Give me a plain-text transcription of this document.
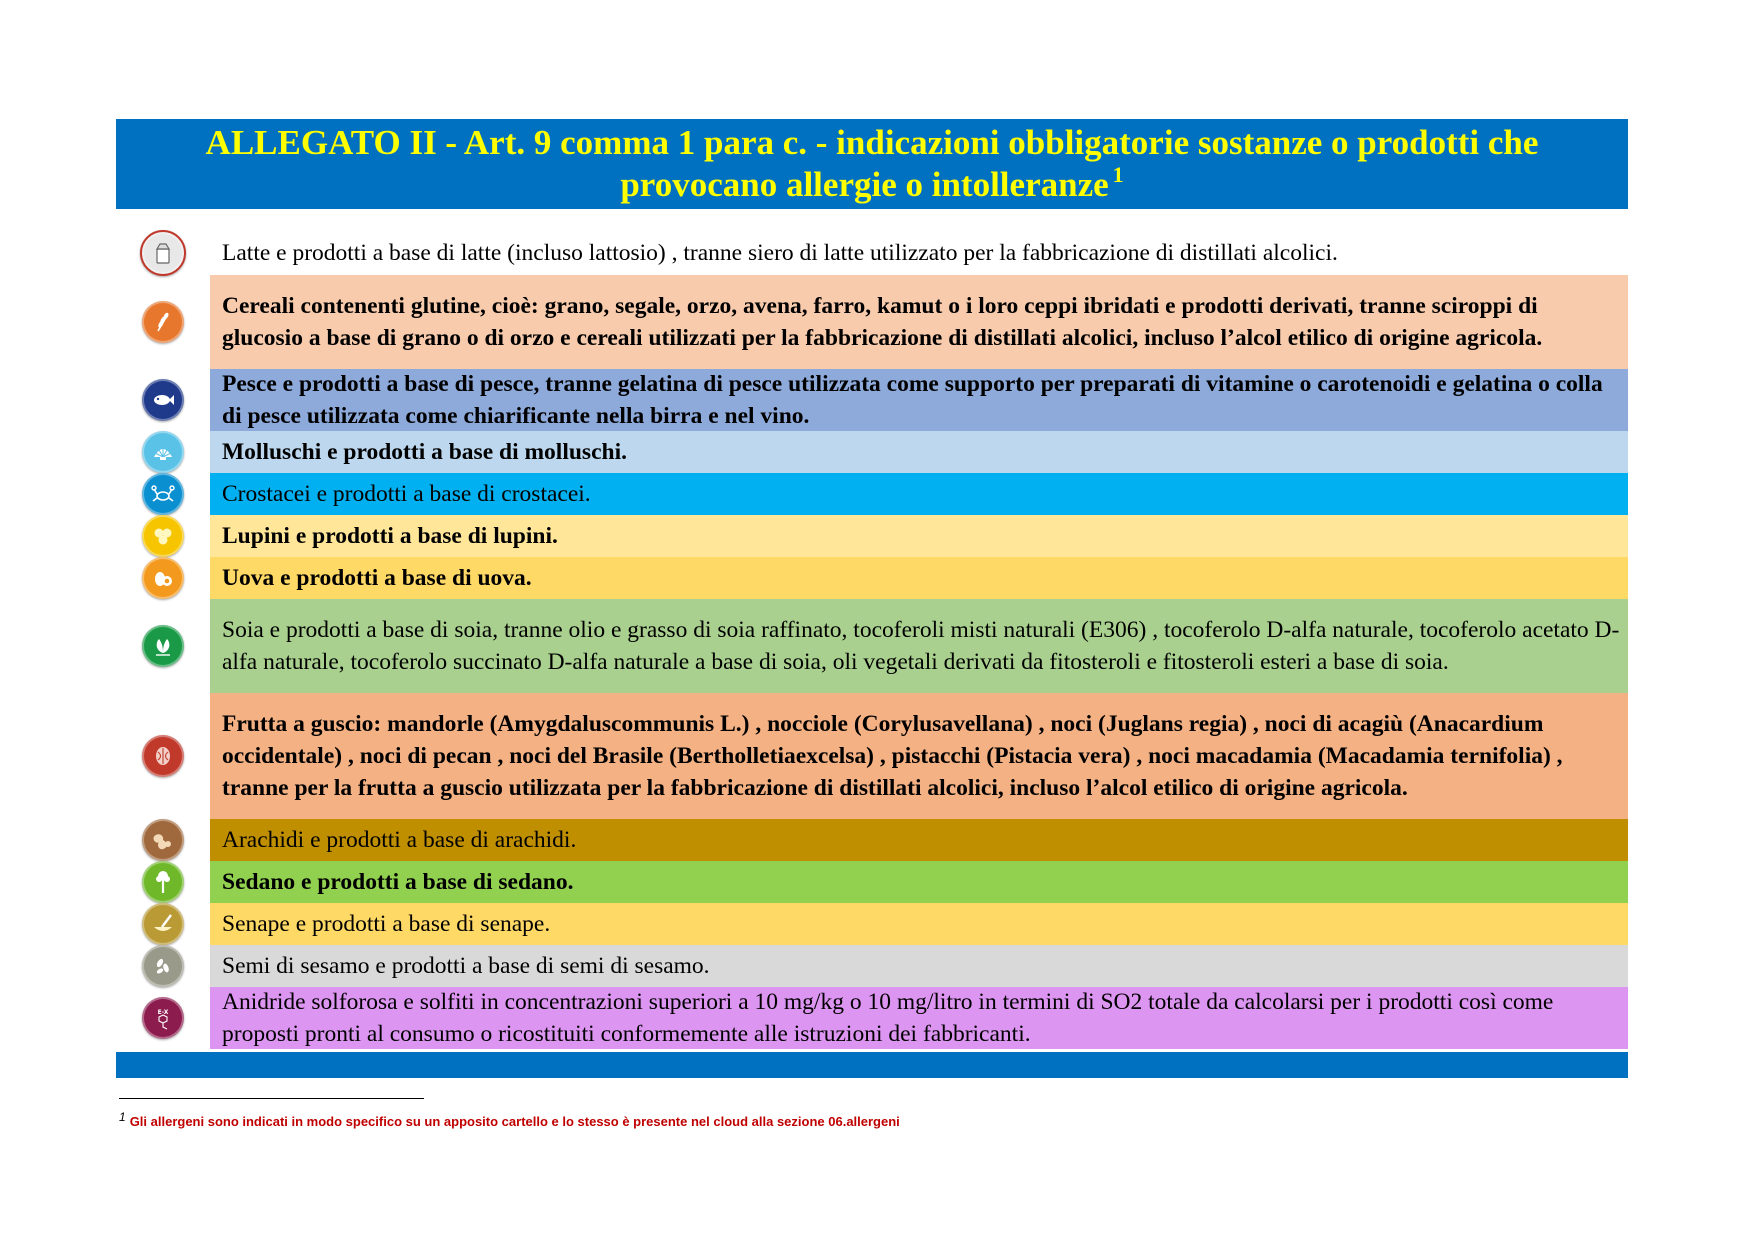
ALLEGATO II - Art. 9 comma 1 para c. - indicazioni obbligatorie sostanze o prodotti che

provocano allergie o intolleranze $^1$

Latte e prodotti a base di latte (incluso lattosio) , tranne siero di latte utilizzato per la fabbricazione di distillati alcolici.
Cereali contenenti glutine, cioè: grano, segale, orzo, avena, farro, kamut o i loro ceppi ibridati e prodotti derivati, tranne sciroppi di glucosio a base di grano o di orzo e cereali utilizzati per la fabbricazione di distillati alcolici, incluso l’alcol etilico di origine agricola.
Pesce e prodotti a base di pesce, tranne gelatina di pesce utilizzata come supporto per preparati di vitamine o carotenoidi e gelatina o colla di pesce utilizzata come chiarificante nella birra e nel vino.
Molluschi e prodotti a base di molluschi.
Crostacei e prodotti a base di crostacei.
Lupini e prodotti a base di lupini.
Uova e prodotti a base di uova.
Soia e prodotti a base di soia, tranne olio e grasso di soia raffinato, tocoferoli misti naturali (E306) , tocoferolo D-alfa naturale, tocoferolo acetato D-alfa naturale, tocoferolo succinato D-alfa naturale a base di soia, oli vegetali derivati da fitosteroli e fitosteroli esteri a base di soia.
Frutta a guscio: mandorle (Amygdaluscommunis L.) , nocciole (Corylusavellana) , noci (Juglans regia) , noci di acagiù (Anacardium occidentale) , noci di pecan , noci del Brasile (Bertholletiaexcelsa) , pistacchi (Pistacia vera) , noci macadamia (Macadamia ternifolia) , tranne per la frutta a guscio utilizzata per la fabbricazione di distillati alcolici, incluso l’alcol etilico di origine agricola.
Arachidi e prodotti a base di arachidi.
Sedano e prodotti a base di sedano.
Senape e prodotti a base di senape.
Semi di sesamo e prodotti a base di semi di sesamo.
E-X	Anidride solforosa e solfiti in concentrazioni superiori a 10 mg/kg o 10 mg/litro in termini di SO2 totale da calcolarsi per i prodotti così come proposti pronti al consumo o ricostituiti conformemente alle istruzioni dei fabbricanti.
1 Gli allergeni sono indicati in modo specifico su un apposito cartello e lo stesso è presente nel cloud alla sezione 06.allergeni
